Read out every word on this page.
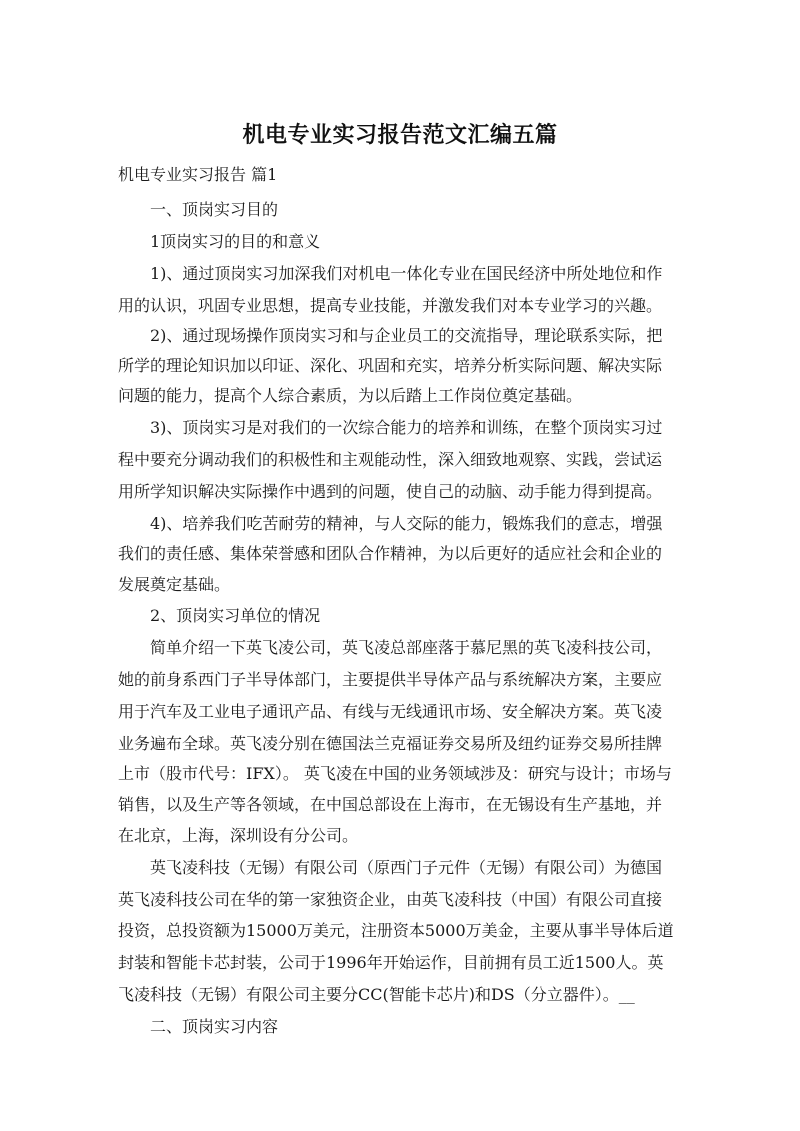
机电专业实习报告范文汇编五篇
机电专业实习报告 篇1
一、顶岗实习目的
1顶岗实习的目的和意义
1)、通过顶岗实习加深我们对机电一体化专业在国民经济中所处地位和作
用的认识，巩固专业思想，提高专业技能，并激发我们对本专业学习的兴趣。
2)、通过现场操作顶岗实习和与企业员工的交流指导，理论联系实际，把
所学的理论知识加以印证、深化、巩固和充实，培养分析实际问题、解决实际
问题的能力，提高个人综合素质，为以后踏上工作岗位奠定基础。
3)、顶岗实习是对我们的一次综合能力的培养和训练，在整个顶岗实习过
程中要充分调动我们的积极性和主观能动性，深入细致地观察、实践，尝试运
用所学知识解决实际操作中遇到的问题，使自己的动脑、动手能力得到提高。
4)、培养我们吃苦耐劳的精神，与人交际的能力，锻炼我们的意志，增强
我们的责任感、集体荣誉感和团队合作精神，为以后更好的适应社会和企业的
发展奠定基础。
2、顶岗实习单位的情况
简单介绍一下英飞凌公司，英飞凌总部座落于慕尼黑的英飞凌科技公司，
她的前身系西门子半导体部门，主要提供半导体产品与系统解决方案，主要应
用于汽车及工业电子通讯产品、有线与无线通讯市场、安全解决方案。英飞凌
业务遍布全球。英飞凌分别在德国法兰克福证券交易所及纽约证券交易所挂牌
上市（股市代号：IFX）。 英飞凌在中国的业务领域涉及：研究与设计；市场与
销售，以及生产等各领域，在中国总部设在上海市，在无锡设有生产基地，并
在北京，上海，深圳设有分公司。
英飞凌科技（无锡）有限公司（原西门子元件（无锡）有限公司）为德国
英飞凌科技公司在华的第一家独资企业，由英飞凌科技（中国）有限公司直接
投资，总投资额为15000万美元，注册资本5000万美金，主要从事半导体后道
封装和智能卡芯封装，公司于1996年开始运作，目前拥有员工近1500人。英
飞凌科技（无锡）有限公司主要分CC(智能卡芯片)和DS（分立器件）。__
二、顶岗实习内容
